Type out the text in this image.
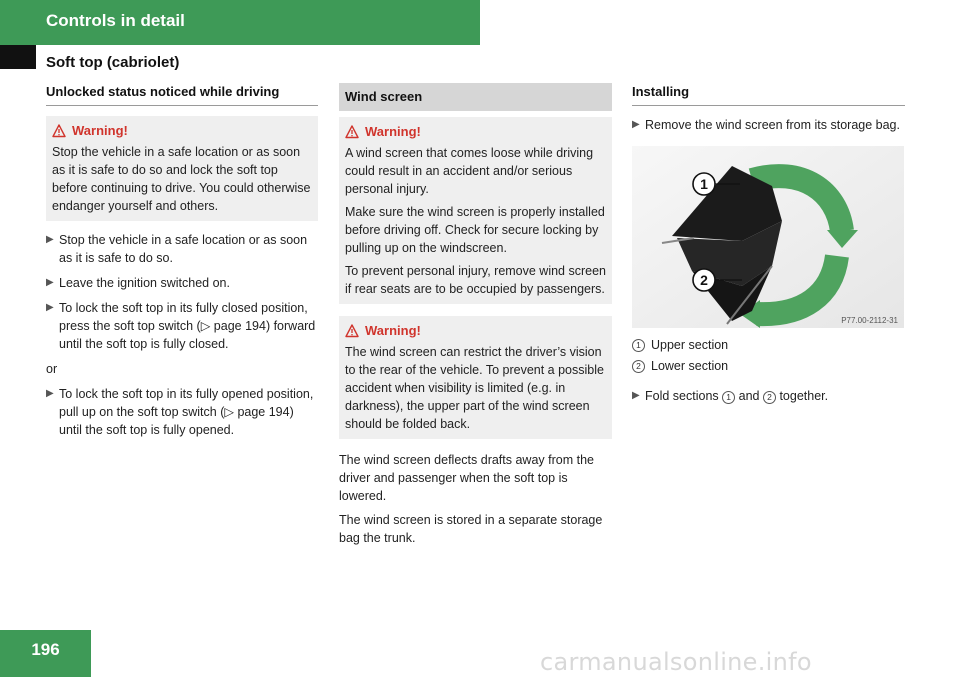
Controls in detail
Soft top (cabriolet)
Unlocked status noticed while driving
Warning!

Stop the vehicle in a safe location or as soon as it is safe to do so and lock the soft top before continuing to drive. You could otherwise endanger yourself and others.

▶ Stop the vehicle in a safe location or as soon as it is safe to do so.
▶ Leave the ignition switched on.
▶ To lock the soft top in its fully closed position, press the soft top switch (▷ page 194) forward until the soft top is fully closed.
or
▶ To lock the soft top in its fully opened position, pull up on the soft top switch (▷ page 194) until the soft top is fully opened.
Wind screen
Warning!

A wind screen that comes loose while driving could result in an accident and/or serious personal injury.

Make sure the wind screen is properly installed before driving off. Check for secure locking by pulling up on the windscreen.

To prevent personal injury, remove wind screen if rear seats are to be occupied by passengers.

Warning!

The wind screen can restrict the driver’s vision to the rear of the vehicle. To prevent a possible accident when visibility is limited (e.g. in darkness), the upper part of the wind screen should be folded back.

The wind screen deflects drafts away from the driver and passenger when the soft top is lowered.

The wind screen is stored in a separate storage bag the trunk.

Installing
▶ Remove the wind screen from its storage bag.
1
2
P77.00-2112-31
1 Upper section
2 Lower section
▶ Fold sections 1 and 2 together.
196	carmanualsonline.info
